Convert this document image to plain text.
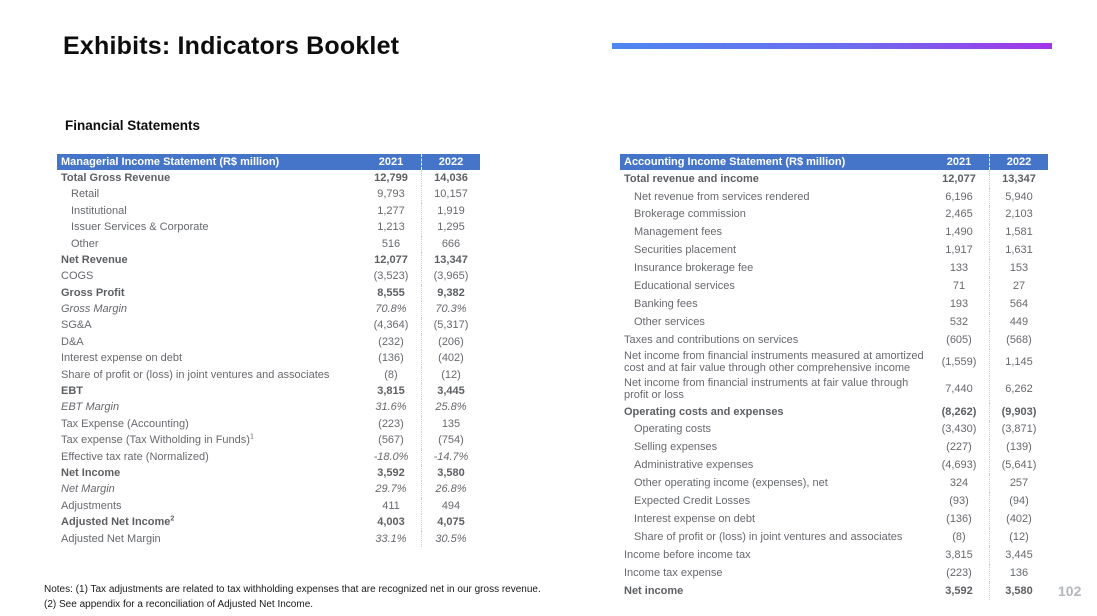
Exhibits: Indicators Booklet
Financial Statements
Managerial Income Statement (R$ million)	2021	2022
Total Gross Revenue	12,799	14,036
Retail	9,793	10,157
Institutional	1,277	1,919
Issuer Services & Corporate	1,213	1,295
Other	516	666
Net Revenue	12,077	13,347
COGS	(3,523)	(3,965)
Gross Profit	8,555	9,382
Gross Margin	70.8%	70.3%
SG&A	(4,364)	(5,317)
D&A	(232)	(206)
Interest expense on debt	(136)	(402)
Share of profit or (loss) in joint ventures and associates	(8)	(12)
EBT	3,815	3,445
EBT Margin	31.6%	25.8%
Tax Expense (Accounting)	(223)	135
Tax expense (Tax Witholding in Funds)$^1$	(567)	(754)
Effective tax rate (Normalized)	-18.0%	-14.7%
Net Income	3,592	3,580
Net Margin	29.7%	26.8%
Adjustments	411	494
Adjusted Net Income$^2$	4,003	4,075
Adjusted Net Margin	33.1%	30.5%
Accounting Income Statement (R$ million)	2021	2022
Total revenue and income	12,077	13,347
Net revenue from services rendered	6,196	5,940
Brokerage commission	2,465	2,103
Management fees	1,490	1,581
Securities placement	1,917	1,631
Insurance brokerage fee	133	153
Educational services	71	27
Banking fees	193	564
Other services	532	449
Taxes and contributions on services	(605)	(568)
Net income from financial instruments measured at amortized cost and at fair value through other comprehensive income
(1,559)	1,145
Net income from financial instruments at fair value through profit or loss
7,440	6,262
Operating costs and expenses	(8,262)	(9,903)
Operating costs	(3,430)	(3,871)
Selling expenses	(227)	(139)
Administrative expenses	(4,693)	(5,641)
Other operating income (expenses), net	324	257
Expected Credit Losses	(93)	(94)
Interest expense on debt	(136)	(402)
Share of profit or (loss) in joint ventures and associates	(8)	(12)
Income before income tax	3,815	3,445
Income tax expense	(223)	136
Net income	3,592	3,580
Notes: (1) Tax adjustments are related to tax withholding expenses that are recognized net in our gross revenue.
(2) See appendix for a reconciliation of Adjusted Net Income.
102
